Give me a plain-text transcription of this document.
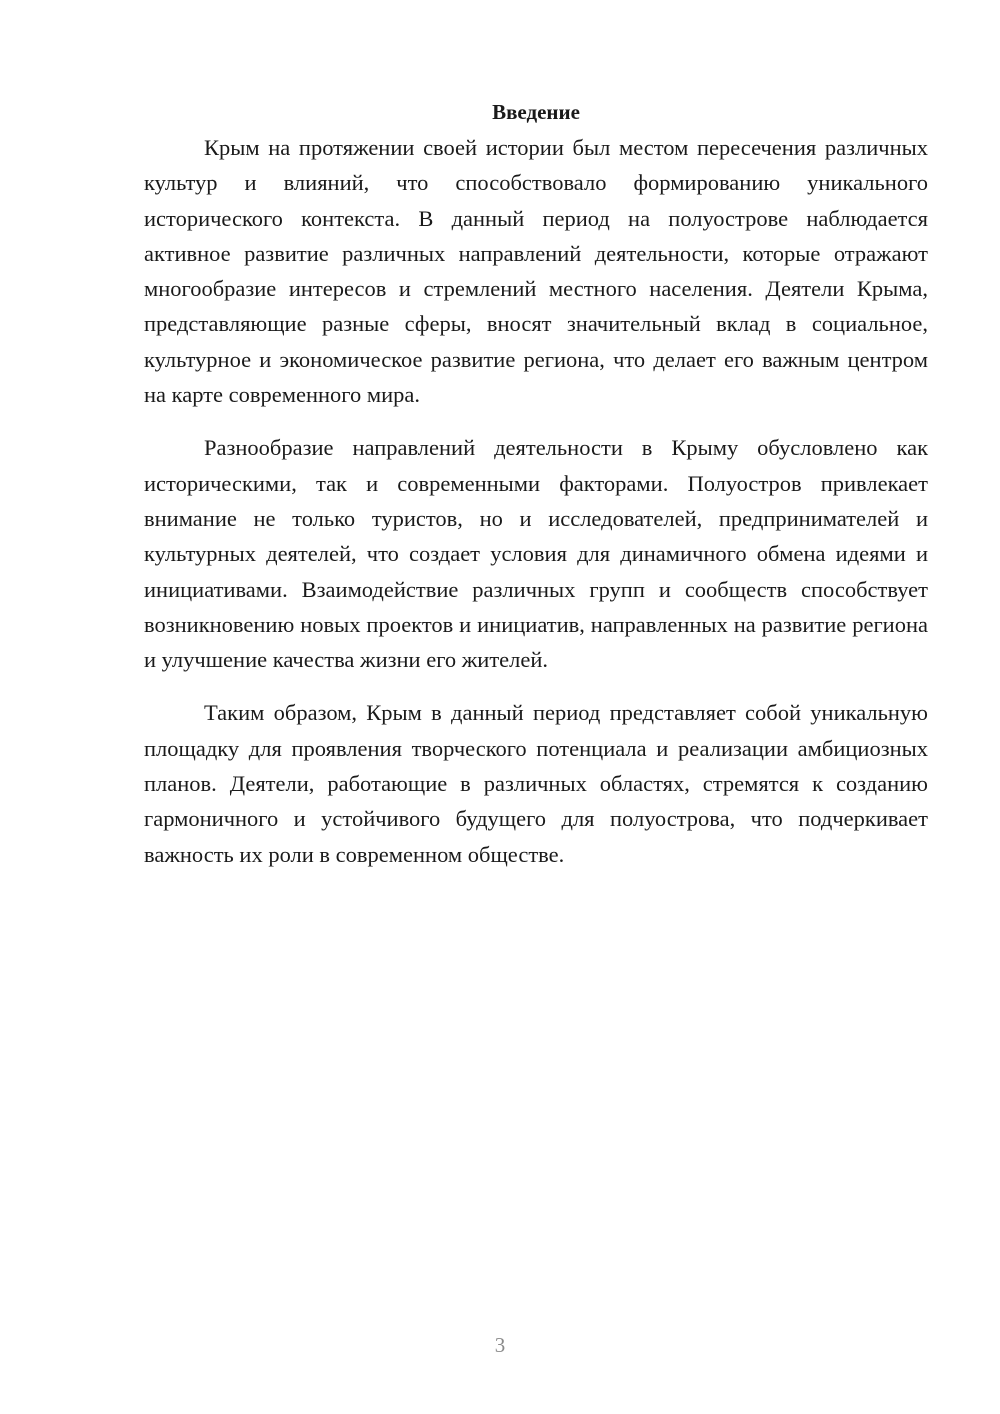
Введение

Крым на протяжении своей истории был местом пересечения различных культур и влияний, что способствовало формированию уникального исторического контекста. В данный период на полуострове наблюдается активное развитие различных направлений деятельности, которые отражают многообразие интересов и стремлений местного населения. Деятели Крыма, представляющие разные сферы, вносят значительный вклад в социальное, культурное и экономическое развитие региона, что делает его важным центром на карте современного мира.

Разнообразие направлений деятельности в Крыму обусловлено как историческими, так и современными факторами. Полуостров привлекает внимание не только туристов, но и исследователей, предпринимателей и культурных деятелей, что создает условия для динамичного обмена идеями и инициативами. Взаимодействие различных групп и сообществ способствует возникновению новых проектов и инициатив, направленных на развитие региона и улучшение качества жизни его жителей.

Таким образом, Крым в данный период представляет собой уникальную площадку для проявления творческого потенциала и реализации амбициозных планов. Деятели, работающие в различных областях, стремятся к созданию гармоничного и устойчивого будущего для полуострова, что подчеркивает важность их роли в современном обществе.

3
